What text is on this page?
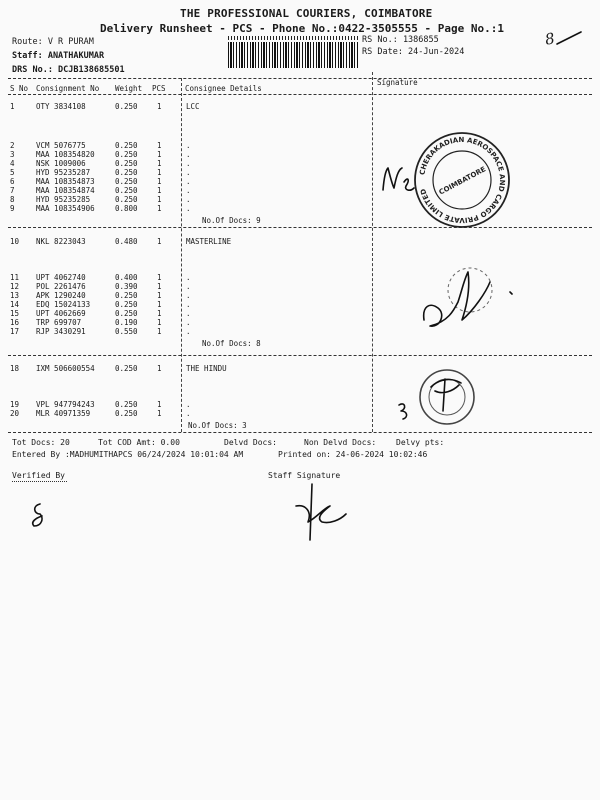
THE PROFESSIONAL COURIERS, COIMBATORE
Delivery Runsheet - PCS - Phone No.:0422-3505555 - Page No.:1
Route: V R PURAM
Staff: ANATHAKUMAR
DRS No.: DCJB138685501
RS No.: 1386855
RS Date: 24-Jun-2024
8
S No Consignment No Weight PCS	Consignee Details
Signature
1	OTY 3834108	0.250	1	LCC
2	VCM 5076775	0.250	1	.
3	MAA 108354820	0.250	1	.
4	NSK 1009006	0.250	1	.
5	HYD 95235287	0.250	1	.
6	MAA 108354873	0.250	1	.
7	MAA 108354874	0.250	1	.
8	HYD 95235285	0.250	1	.
9	MAA 108354906	0.800	1	.
No.Of Docs: 9
10 NKL 8223043	0.480	1	MASTERLINE
11 UPT 4062740	0.400	1	.
12 POL 2261476	0.390	1	.
13 APK 1290240	0.250	1	.
14 EDQ 15024133	0.250	1	.
15 UPT 4062669	0.250	1	.
16 TRP 699707	0.190	1	.
17 RJP 3430291	0.550	1	.
No.Of Docs: 8
18 IXM 506600554	0.250	1	THE HINDU
19 VPL 947794243	0.250	1	.
20 MLR 40971359	0.250	1	.
No.Of Docs: 3
CHERAKADIAN AEROSPACE AND CARGO PRIVATE LIMITED	COIMBATORE
Tot Docs: 20	Tot COD Amt: 0.00	Delvd Docs:	Non Delvd Docs: Delvy pts:
Entered By :MADHUMITHAPCS 06/24/2024 10:01:04 AM	Printed on: 24-06-2024 10:02:46
Verified By	Staff Signature
